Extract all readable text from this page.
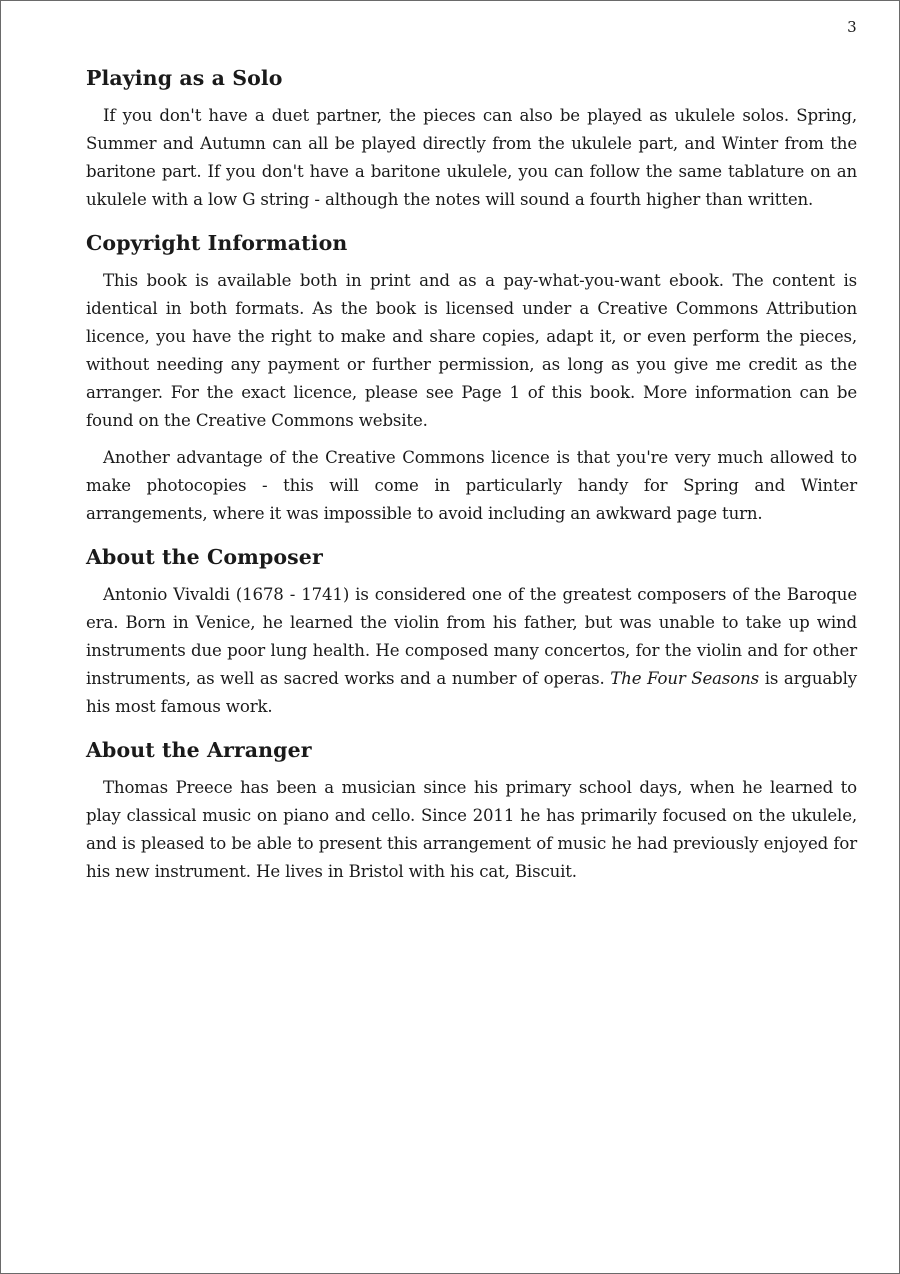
3
Playing as a Solo

If you don't have a duet partner, the pieces can also be played as ukulele solos. Spring, Summer and Autumn can all be played directly from the ukulele part, and Winter from the baritone part. If you don't have a baritone ukulele, you can follow the same tablature on an ukulele with a low G string - although the notes will sound a fourth higher than written.

Copyright Information

This book is available both in print and as a pay-what-you-want ebook. The content is identical in both formats. As the book is licensed under a Creative Commons Attribution licence, you have the right to make and share copies, adapt it, or even perform the pieces, without needing any payment or further permission, as long as you give me credit as the arranger. For the exact licence, please see Page 1 of this book. More information can be found on the Creative Commons website.

Another advantage of the Creative Commons licence is that you're very much allowed to make photocopies - this will come in particularly handy for Spring and Winter arrangements, where it was impossible to avoid including an awkward page turn.

About the Composer

Antonio Vivaldi (1678 - 1741) is considered one of the greatest composers of the Baroque era. Born in Venice, he learned the violin from his father, but was unable to take up wind instruments due poor lung health. He composed many concertos, for the violin and for other instruments, as well as sacred works and a number of operas. The Four Seasons is arguably his most famous work.

About the Arranger

Thomas Preece has been a musician since his primary school days, when he learned to play classical music on piano and cello. Since 2011 he has primarily focused on the ukulele, and is pleased to be able to present this arrangement of music he had previously enjoyed for his new instrument. He lives in Bristol with his cat, Biscuit.
